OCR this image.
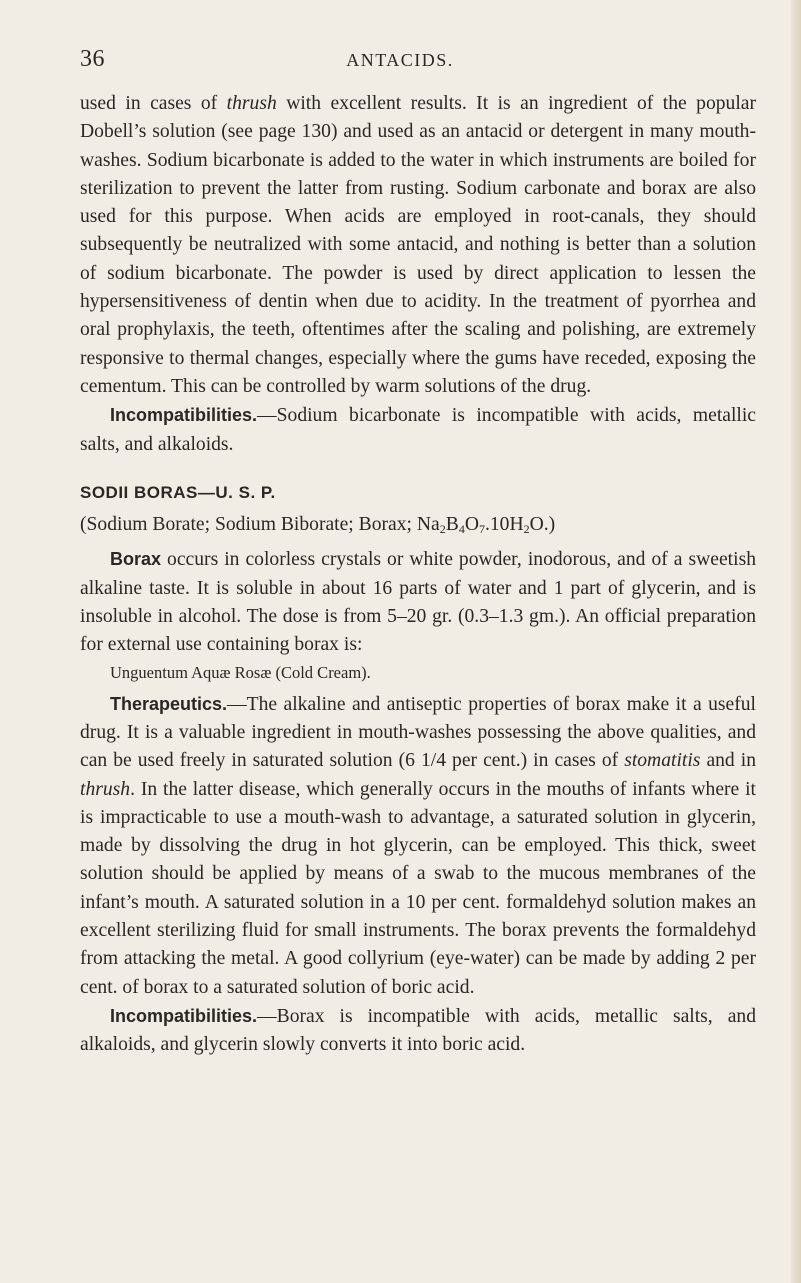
36	ANTACIDS.

used in cases of thrush with excellent results. It is an ingredient of the popular Dobell’s solution (see page 130) and used as an antacid or detergent in many mouth-washes. Sodium bicarbonate is added to the water in which instruments are boiled for sterilization to prevent the latter from rusting. Sodium carbonate and borax are also used for this purpose. When acids are employed in root-canals, they should subsequently be neutralized with some antacid, and nothing is better than a solution of sodium bicarbonate. The powder is used by direct application to lessen the hypersensitiveness of dentin when due to acidity. In the treatment of pyorrhea and oral prophylaxis, the teeth, oftentimes after the scaling and polishing, are extremely responsive to thermal changes, especially where the gums have receded, exposing the cementum. This can be controlled by warm solutions of the drug.

Incompatibilities.—Sodium bicarbonate is incompatible with acids, metallic salts, and alkaloids.

SODII BORAS—U. S. P.

(Sodium Borate; Sodium Biborate; Borax; $Na_2B_4O_7.10H_2O$.)

Borax occurs in colorless crystals or white powder, inodorous, and of a sweetish alkaline taste. It is soluble in about 16 parts of water and 1 part of glycerin, and is insoluble in alcohol. The dose is from 5–20 gr. (0.3–1.3 gm.). An official preparation for external use containing borax is:

Unguentum Aquæ Rosæ (Cold Cream).

Therapeutics.—The alkaline and antiseptic properties of borax make it a useful drug. It is a valuable ingredient in mouth-washes possessing the above qualities, and can be used freely in saturated solution (6 1/4 per cent.) in cases of stomatitis and in thrush. In the latter disease, which generally occurs in the mouths of infants where it is impracticable to use a mouth-wash to advantage, a saturated solution in glycerin, made by dissolving the drug in hot glycerin, can be employed. This thick, sweet solution should be applied by means of a swab to the mucous membranes of the infant’s mouth. A saturated solution in a 10 per cent. formaldehyd solution makes an excellent sterilizing fluid for small instruments. The borax prevents the formaldehyd from attacking the metal. A good collyrium (eye-water) can be made by adding 2 per cent. of borax to a saturated solution of boric acid.

Incompatibilities.—Borax is incompatible with acids, metallic salts, and alkaloids, and glycerin slowly converts it into boric acid.
